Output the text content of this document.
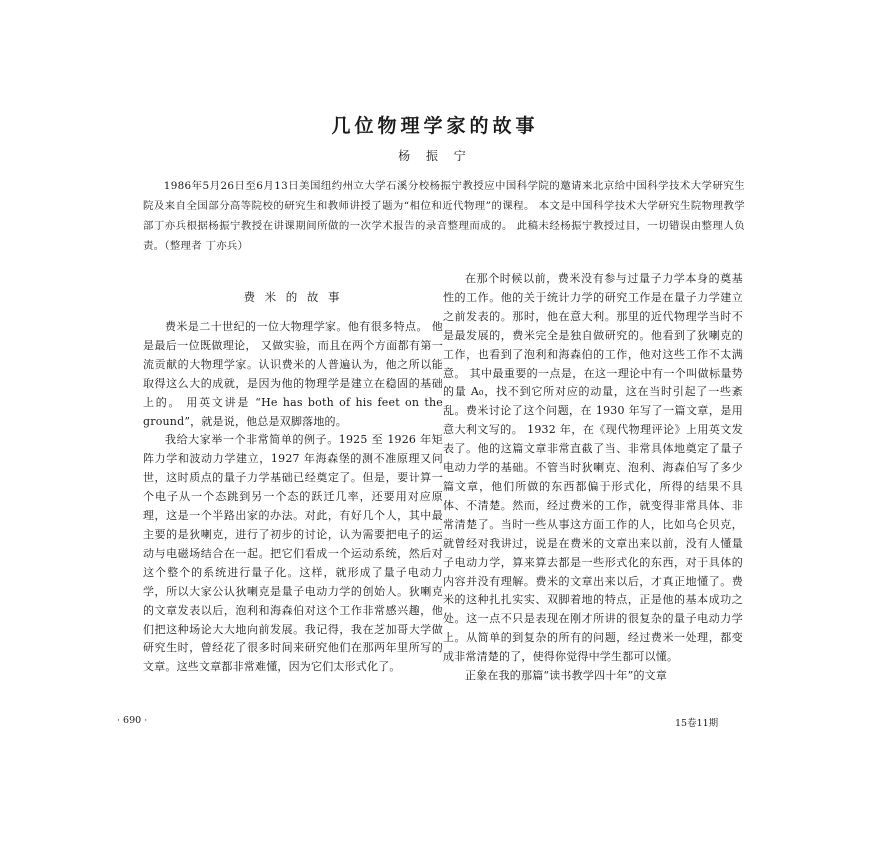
几位物理学家的故事
杨 振 宁

1986年5月26日至6月13日美国纽约州立大学石溪分校杨振宁教授应中国科学院的邀请来北京给中国科学技术大学研究生院及来自全国部分高等院校的研究生和教师讲授了题为“相位和近代物理”的课程。 本文是中国科学技术大学研究生院物理教学部丁亦兵根据杨振宁教授在讲课期间所做的一次学术报告的录音整理而成的。 此稿未经杨振宁教授过目，一切错误由整理人负责。（整理者 丁亦兵）

费 米 的 故 事

费米是二十世纪的一位大物理学家。他有很多特点。 他是最后一位既做理论， 又做实验，而且在两个方面都有第一流贡献的大物理学家。认识费米的人普遍认为，他之所以能取得这么大的成就，是因为他的物理学是建立在稳固的基础上的。 用英文讲是 “He has both of his feet on the ground”，就是说，他总是双脚落地的。

我给大家举一个非常简单的例子。1925 至 1926 年矩阵力学和波动力学建立，1927 年海森堡的测不准原理又问世，这时质点的量子力学基础已经奠定了。但是，要计算一个电子从一个态跳到另一个态的跃迁几率，还要用对应原理，这是一个半路出家的办法。对此，有好几个人，其中最主要的是狄喇克，进行了初步的讨论，认为需要把电子的运动与电磁场结合在一起。把它们看成一个运动系统，然后对这个整个的系统进行量子化。这样，就形成了量子电动力学，所以大家公认狄喇克是量子电动力学的创始人。狄喇克的文章发表以后，泡利和海森伯对这个工作非常感兴趣，他们把这种场论大大地向前发展。我记得，我在芝加哥大学做研究生时，曾经花了很多时间来研究他们在那两年里所写的文章。这些文章都非常难懂，因为它们太形式化了。

在那个时候以前，费米没有参与过量子力学本身的奠基性的工作。他的关于统计力学的研究工作是在量子力学建立之前发表的。那时，他在意大利。那里的近代物理学当时不是最发展的，费米完全是独自做研究的。他看到了狄喇克的工作，也看到了泡利和海森伯的工作，他对这些工作不太满意。 其中最重要的一点是，在这一理论中有一个叫做标量势的量 A₀，找不到它所对应的动量，这在当时引起了一些紊乱。费米讨论了这个问题，在 1930 年写了一篇文章，是用意大利文写的。 1932 年，在《现代物理评论》上用英文发表了。他的这篇文章非常直截了当、非常具体地奠定了量子电动力学的基础。不管当时狄喇克、泡利、海森伯写了多少篇文章，他们所做的东西都偏于形式化，所得的结果不具体、不清楚。然而，经过费米的工作，就变得非常具体、非常清楚了。当时一些从事这方面工作的人，比如乌仑贝克，就曾经对我讲过，说是在费米的文章出来以前，没有人懂量子电动力学，算来算去都是一些形式化的东西，对于具体的内容并没有理解。费米的文章出来以后，才真正地懂了。费米的这种扎扎实实、双脚着地的特点，正是他的基本成功之处。这一点不只是表现在刚才所讲的很复杂的量子电动力学上。从简单的到复杂的所有的问题，经过费米一处理，都变成非常清楚的了，使得你觉得中学生都可以懂。

正象在我的那篇“读书教学四十年”的文章

· 690 ·	15卷11期
